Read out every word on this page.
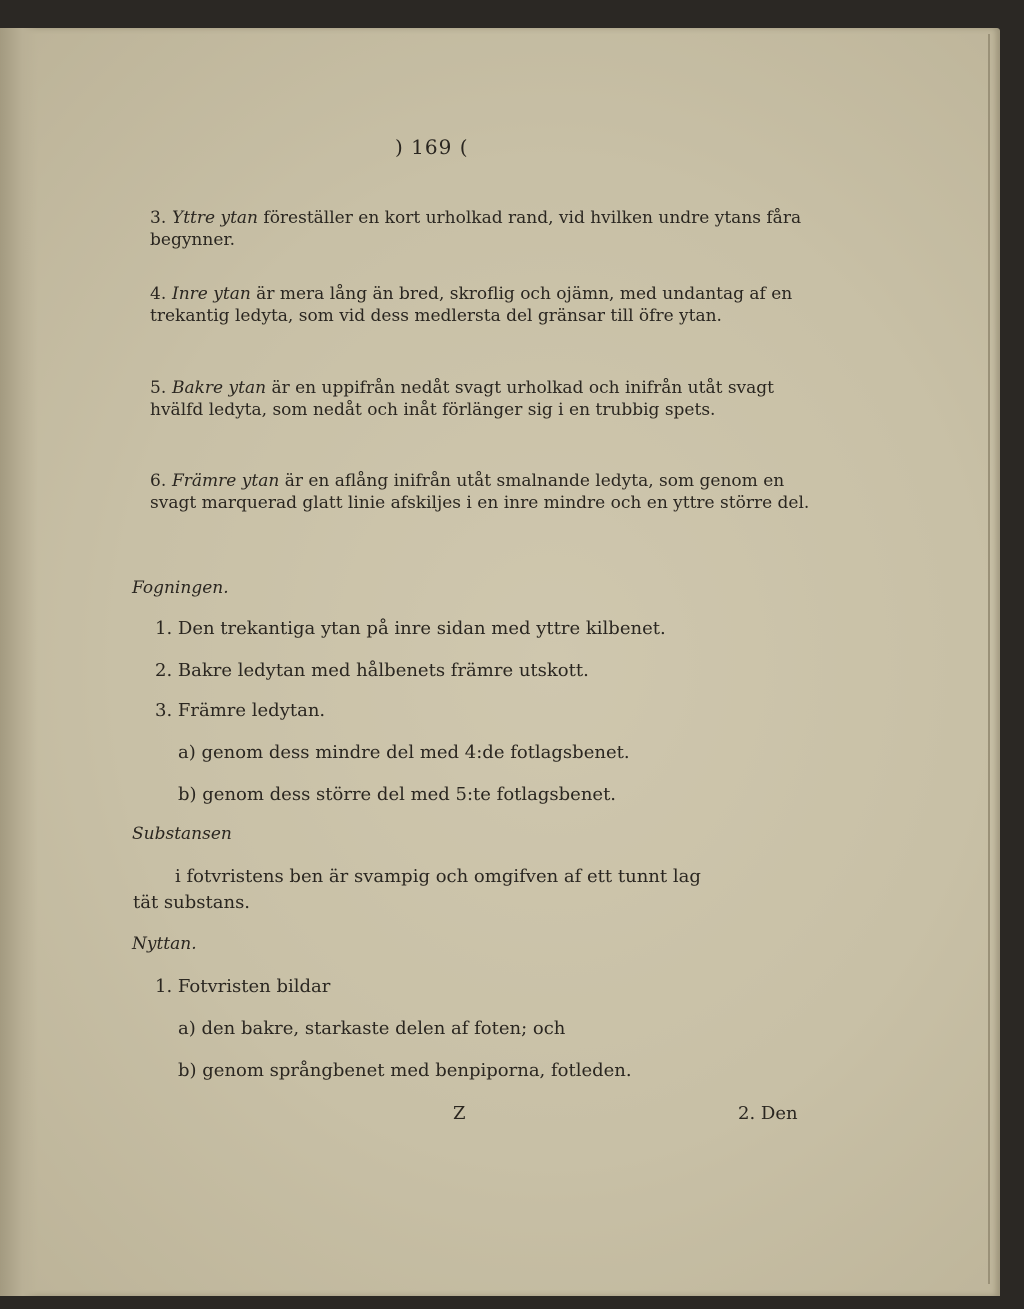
) 169 (
3. Yttre ytan föreställer en kort urholkad rand, vid hvilken undre ytans fåra begynner.
4. Inre ytan är mera lång än bred, skroflig och ojämn, med undantag af en trekantig ledyta, som vid dess medlersta del gränsar till öfre ytan.
5. Bakre ytan är en uppifrån nedåt svagt urholkad och inifrån utåt svagt hvälfd ledyta, som nedåt och inåt förlänger sig i en trubbig spets.
6. Främre ytan är en aflång inifrån utåt smalnande ledyta, som genom en svagt marquerad glatt linie afskiljes i en inre mindre och en yttre större del.
Fogningen.
1. Den trekantiga ytan på inre sidan med yttre kilbenet.
2. Bakre ledytan med hålbenets främre utskott.
3. Främre ledytan.
a) genom dess mindre del med 4:de fotlagsbenet.
b) genom dess större del med 5:te fotlagsbenet.
Substansen
i fotvristens ben är svampig och omgifven af ett tunnt lag
tät substans.
Nyttan.
1. Fotvristen bildar
a) den bakre, starkaste delen af foten; och
b) genom språngbenet med benpiporna, fotleden.
Z	2. Den
